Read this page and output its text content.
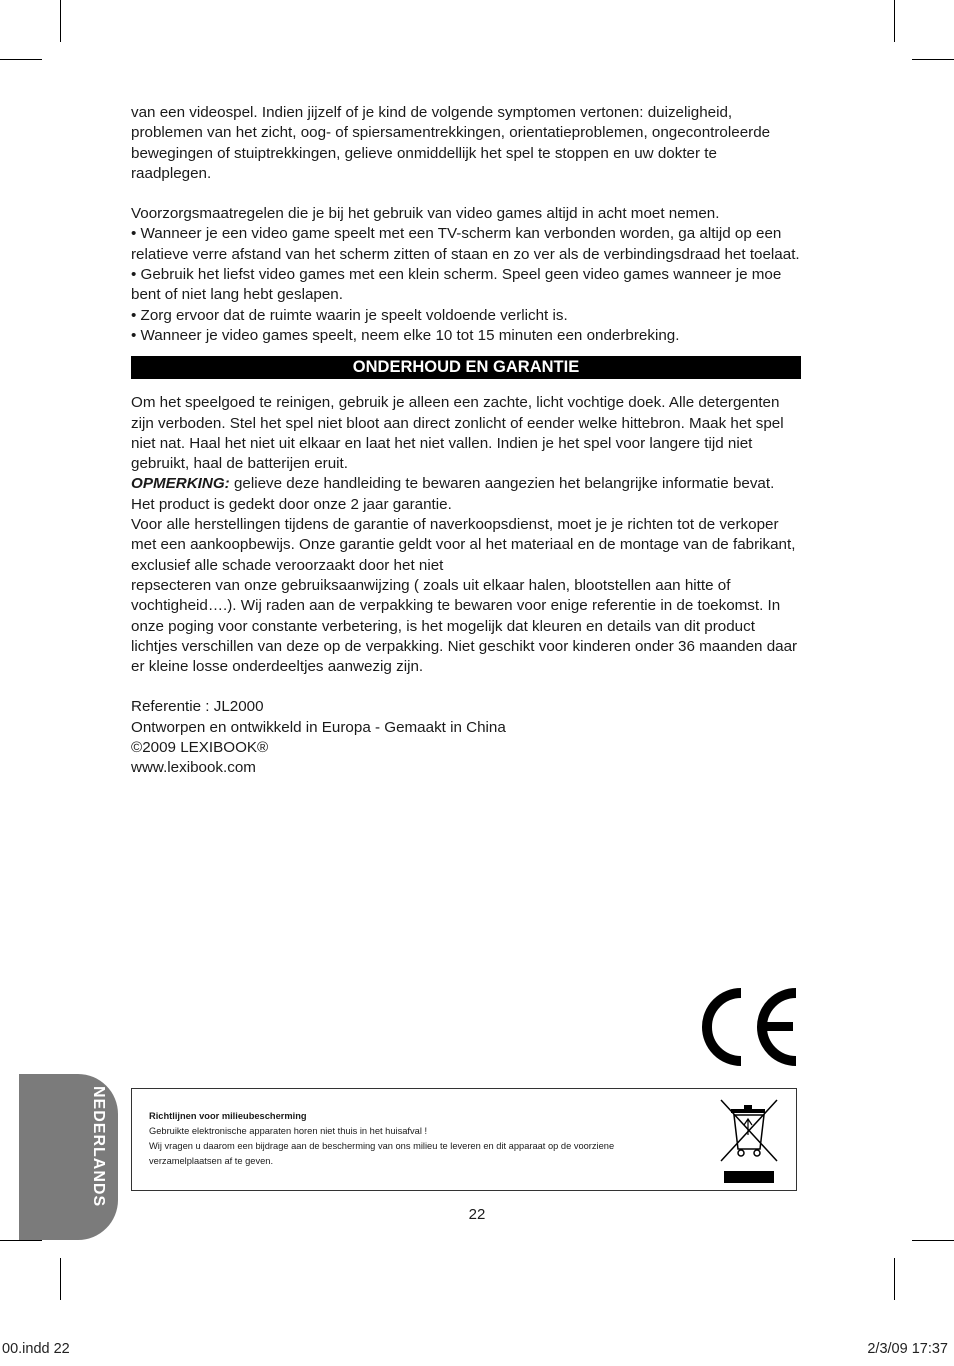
van een videospel. Indien jijzelf of je kind de volgende symptomen vertonen: duizeligheid, problemen van het zicht, oog- of spiersamentrekkingen, orientatieproblemen, ongecontroleerde bewegingen of stuiptrekkingen, gelieve onmiddellijk het spel te stoppen en uw dokter te raadplegen.

Voorzorgsmaatregelen die je bij het gebruik van video games altijd in acht moet nemen.

• Wanneer je een video game speelt met een TV-scherm kan verbonden worden, ga altijd op een relatieve verre afstand van het scherm zitten of staan en zo ver als de verbindingsdraad het toelaat.

• Gebruik het liefst video games met een klein scherm. Speel geen video games wanneer je moe bent of niet lang hebt geslapen.

• Zorg ervoor dat de ruimte waarin je speelt voldoende verlicht is.

• Wanneer je video games speelt, neem elke 10 tot 15 minuten een onderbreking.

ONDERHOUD EN GARANTIE

Om het speelgoed te reinigen, gebruik je alleen een zachte, licht vochtige doek. Alle detergenten zijn verboden. Stel het spel niet bloot aan direct zonlicht of eender welke hittebron. Maak het spel niet nat. Haal het niet uit elkaar en laat het niet vallen. Indien je het spel voor langere tijd niet gebruikt, haal de batterijen eruit.

OPMERKING: gelieve deze handleiding te bewaren aangezien het belangrijke informatie bevat.

Het product is gedekt door onze 2 jaar garantie.

Voor alle herstellingen tijdens de garantie of naverkoopsdienst, moet je je richten tot de verkoper met een aankoopbewijs. Onze garantie geldt voor al het materiaal en de montage van de fabrikant, exclusief alle schade veroorzaakt door het niet

repsecteren van onze gebruiksaanwijzing ( zoals uit elkaar halen, blootstellen aan hitte of vochtigheid….). Wij raden aan de verpakking te bewaren voor enige referentie in de toekomst. In onze poging voor constante verbetering, is het mogelijk dat kleuren en details van dit product lichtjes verschillen van deze op de verpakking. Niet geschikt voor kinderen onder 36 maanden daar er kleine losse onderdeeltjes aanwezig zijn.

Referentie : JL2000

Ontworpen en ontwikkeld in Europa - Gemaakt in China

©2009 LEXIBOOK®

www.lexibook.com

Richtlijnen voor milieubescherming
Gebruikte elektronische apparaten horen niet thuis in het huisafval !
Wij vragen u daarom een bijdrage aan de bescherming van ons milieu te leveren en dit apparaat op de voorziene verzamelplaatsen af te geven.
NEDERLANDS
22
00.indd 22	2/3/09 17:37
